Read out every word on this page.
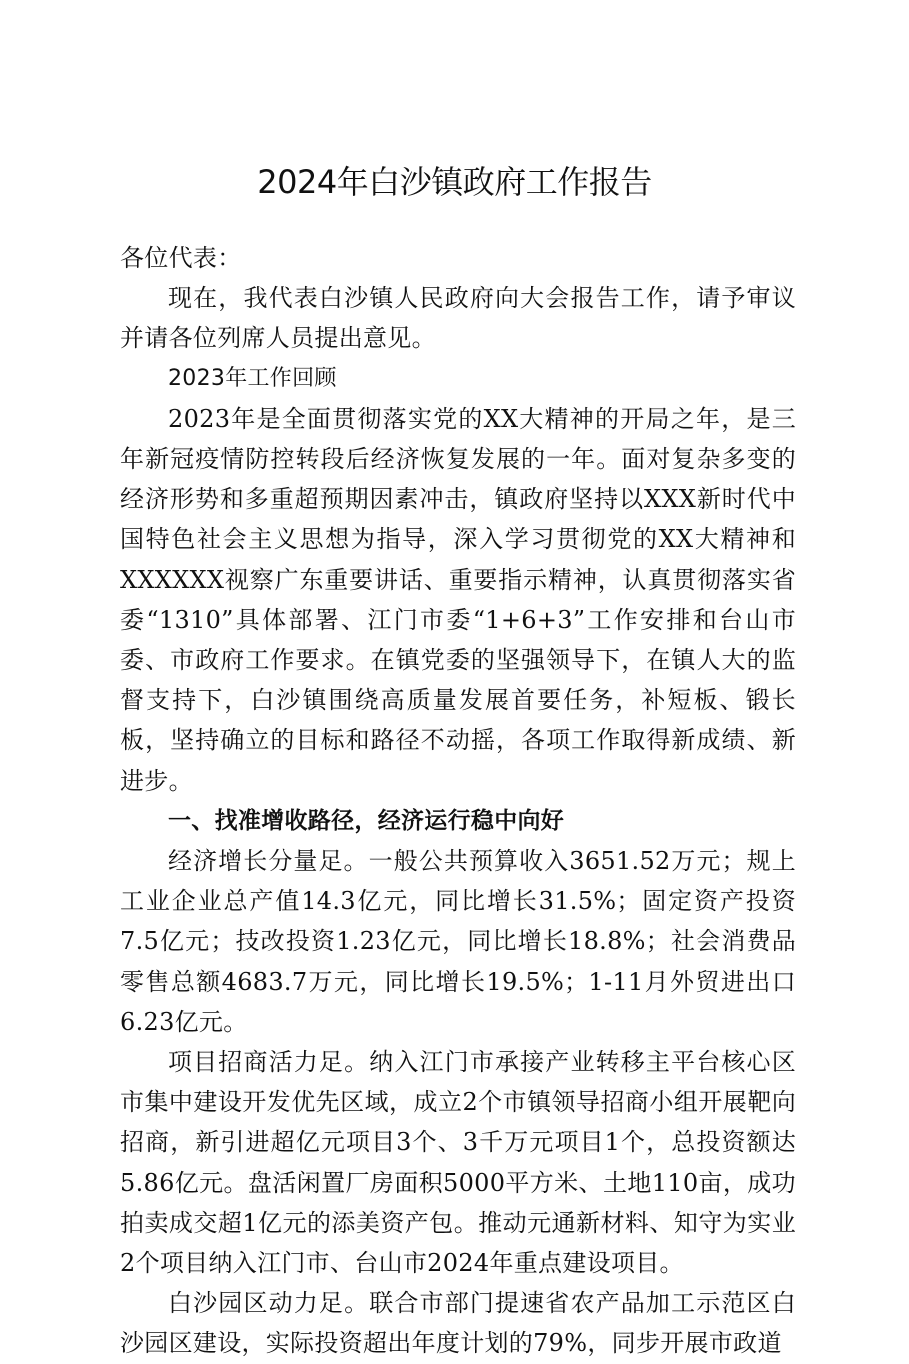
2024年白沙镇政府工作报告

各位代表：

现在，我代表白沙镇人民政府向大会报告工作，请予审议并请各位列席人员提出意见。

2023年工作回顾

2023年是全面贯彻落实党的XX大精神的开局之年，是三年新冠疫情防控转段后经济恢复发展的一年。面对复杂多变的经济形势和多重超预期因素冲击，镇政府坚持以XXX新时代中国特色社会主义思想为指导，深入学习贯彻党的XX大精神和XXXXXX视察广东重要讲话、重要指示精神，认真贯彻落实省委“1310”具体部署、江门市委“1+6+3”工作安排和台山市委、市政府工作要求。在镇党委的坚强领导下，在镇人大的监督支持下，白沙镇围绕高质量发展首要任务，补短板、锻长板，坚持确立的目标和路径不动摇，各项工作取得新成绩、新进步。

一、找准增收路径，经济运行稳中向好

经济增长分量足。一般公共预算收入3651.52万元；规上工业企业总产值14.3亿元，同比增长31.5%；固定资产投资7.5亿元；技改投资1.23亿元，同比增长18.8%；社会消费品零售总额4683.7万元，同比增长19.5%；1-11月外贸进出口6.23亿元。

项目招商活力足。纳入江门市承接产业转移主平台核心区市集中建设开发优先区域，成立2个市镇领导招商小组开展靶向招商，新引进超亿元项目3个、3千万元项目1个，总投资额达5.86亿元。盘活闲置厂房面积5000平方米、土地110亩，成功拍卖成交超1亿元的添美资产包。推动元通新材料、知守为实业2个项目纳入江门市、台山市2024年重点建设项目。

白沙园区动力足。联合市部门提速省农产品加工示范区白沙园区建设，实际投资超出年度计划的79%，同步开展市政道
